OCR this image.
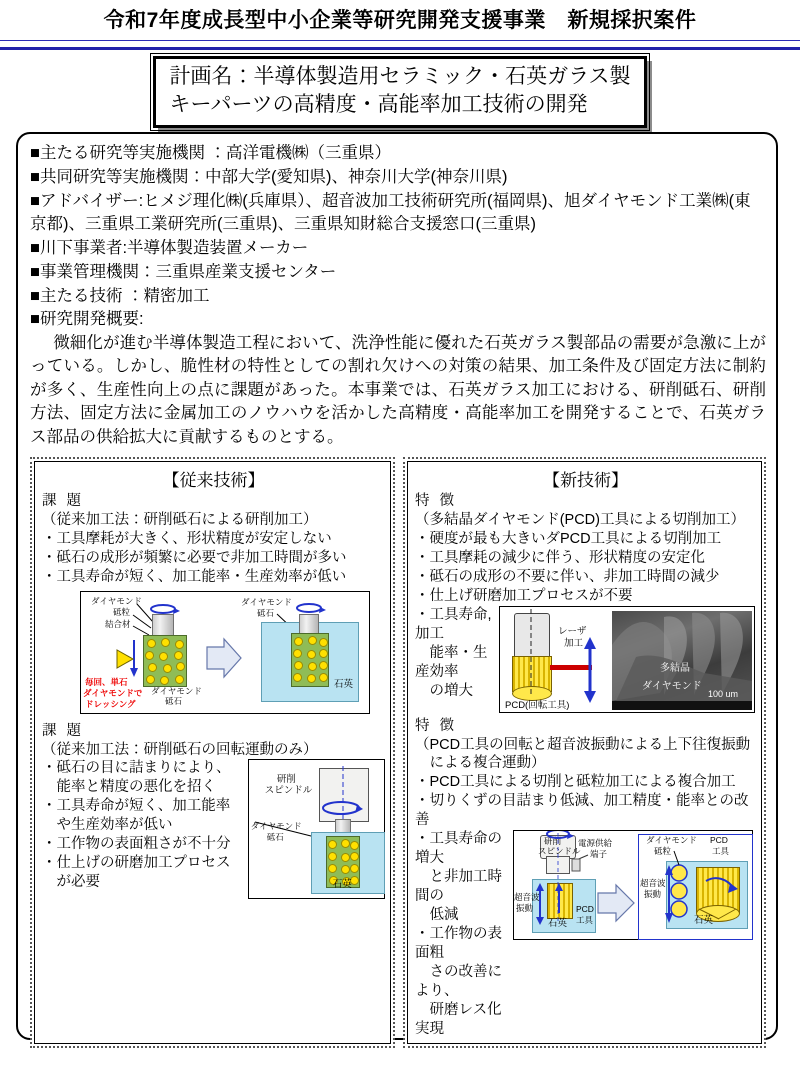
令和7年度成長型中小企業等研究開発支援事業　新規採択案件
計画名：半導体製造用セラミック・石英ガラス製
キーパーツの高精度・高能率加工技術の開発
■主たる研究等実施機関 ：高洋電機㈱（三重県）
■共同研究等実施機関：中部大学(愛知県)、神奈川大学(神奈川県)
■アドバイザー:ヒメジ理化㈱(兵庫県）、超音波加工技術研究所(福岡県)、旭ダイヤモンド工業㈱(東京都)、三重県工業研究所(三重県)、三重県知財総合支援窓口(三重県)
■川下事業者:半導体製造装置メーカー
■事業管理機関：三重県産業支援センター
■主たる技術 ：精密加工
■研究開発概要:
微細化が進む半導体製造工程において、洗浄性能に優れた石英ガラス製部品の需要が急激に上がっている。しかし、脆性材の特性としての割れ欠けへの対策の結果、加工条件及び固定方法に制約が多く、生産性向上の点に課題があった。本事業では、石英ガラス加工における、研削砥石、研削方法、固定方法に金属加工のノウハウを活かした高精度・高能率加工を開発することで、石英ガラス部品の供給拡大に貢献するものとする。
【従来技術】
課 題
（従来加工法：研削砥石による研削加工）
・工具摩耗が大きく、形状精度が安定しない
・砥石の成形が頻繁に必要で非加工時間が多い
・工具寿命が短く、加工能率・生産効率が低い
ダイヤモンド
砥粒
結合材
ダイヤモンド
砥石
毎回、単石
ダイヤモンドで
ドレッシング
ダイヤモンド
砥石
石英
課 題
（従来加工法：研削砥石の回転運動のみ）
・砥石の目に詰まりにより、
　能率と精度の悪化を招く
・工具寿命が短く、加工能率
　や生産効率が低い
・工作物の表面粗さが不十分
・仕上げの研磨加工プロセス
　が必要
研削
スピンドル
ダイヤモンド
砥石
石英
【新技術】
特 徴
（多結晶ダイヤモンド(PCD)工具による切削加工）
・硬度が最も大きいダPCD工具による切削加工
・工具摩耗の減少に伴う、形状精度の安定化
・砥石の成形の不要に伴い、非加工時間の減少
・仕上げ研磨加工プロセスが不要
・工具寿命, 加工
　能率・生産効率
　の増大
レーザ
加工
PCD(回転工具)
多結晶
ダイヤモンド
100 um
特 徴
（PCD工具の回転と超音波振動による上下往復振動
　による複合運動）
・PCD工具による切削と砥粒加工による複合加工
・切りくずの目詰まり低減、加工精度・能率との改善
・工具寿命の増大
　と非加工時間の
　低減
・工作物の表面粗
　さの改善により、
　研磨レス化実現
研削
スピンドル
電源供給
端子
超音波
振動
石英
PCD
工具
ダイヤモンド
砥粒
PCD
工具
超音波
振動
石英
